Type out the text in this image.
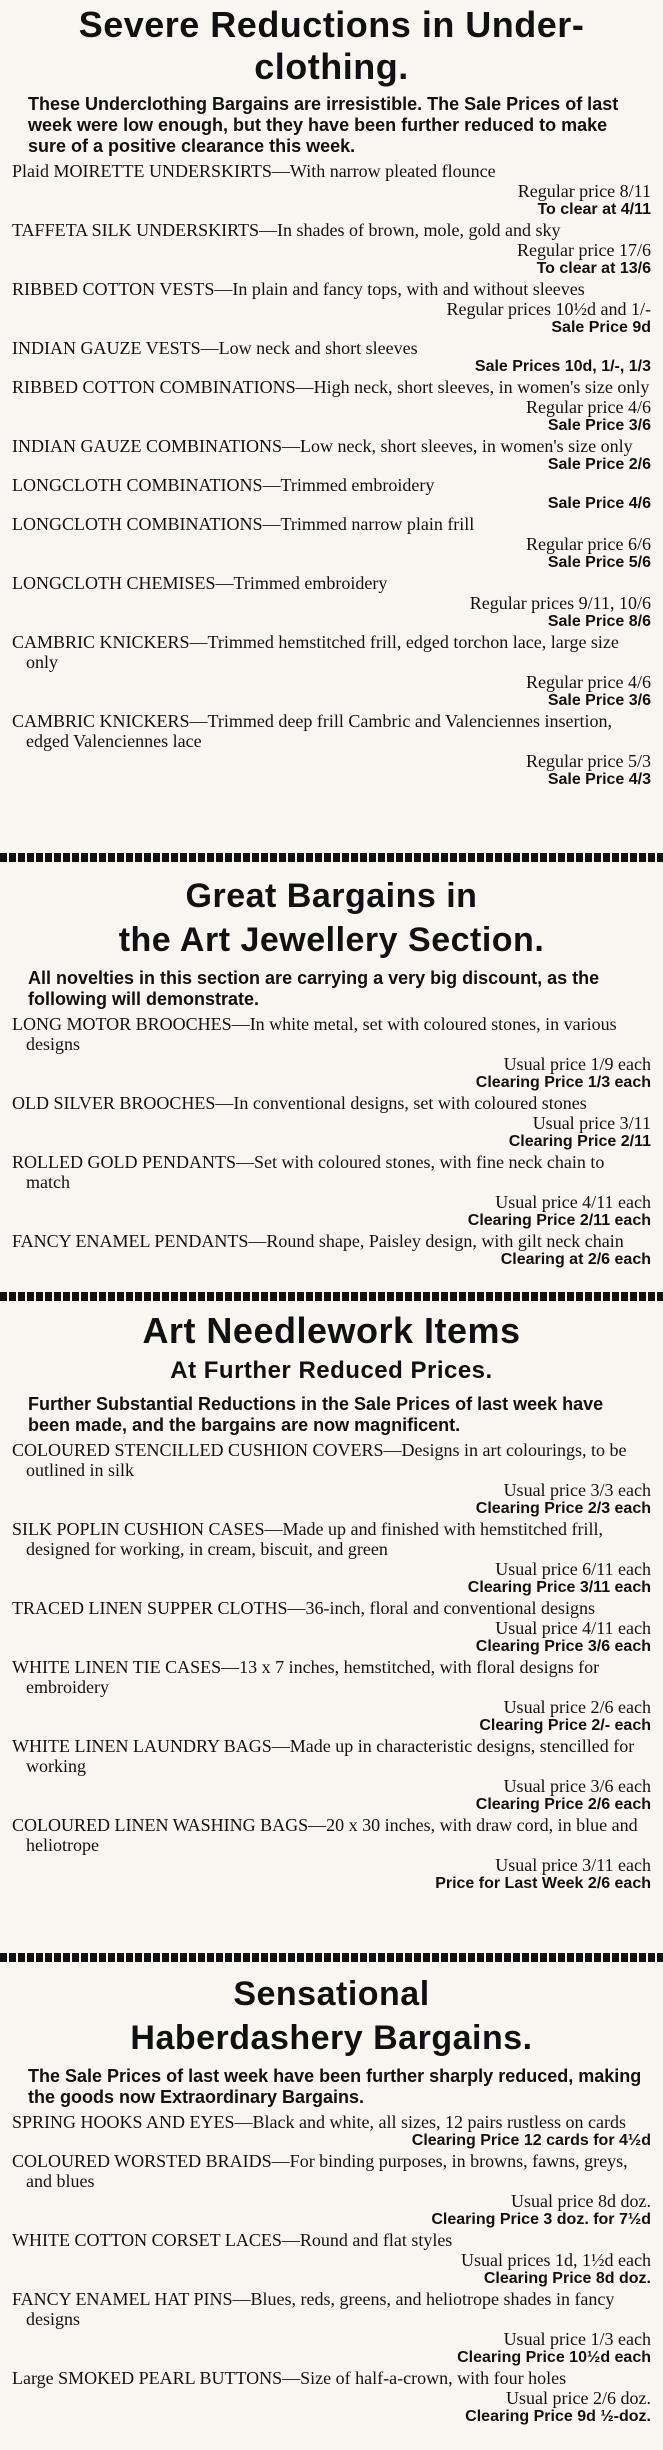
Severe Reductions in Under-
clothing.

These Underclothing Bargains are irresistible. The Sale Prices of last week were low enough, but they have been further reduced to make sure of a positive clearance this week.

Plaid MOIRETTE UNDERSKIRTS—With narrow pleated flounce
Regular price 8/11
To clear at 4/11
TAFFETA SILK UNDERSKIRTS—In shades of brown, mole, gold and sky
Regular price 17/6
To clear at 13/6
RIBBED COTTON VESTS—In plain and fancy tops, with and without sleeves
Regular prices 10½d and 1/-
Sale Price 9d
INDIAN GAUZE VESTS—Low neck and short sleeves
Sale Prices 10d, 1/-, 1/3
RIBBED COTTON COMBINATIONS—High neck, short sleeves, in women's size only
Regular price 4/6
Sale Price 3/6
INDIAN GAUZE COMBINATIONS—Low neck, short sleeves, in women's size only
Sale Price 2/6
LONGCLOTH COMBINATIONS—Trimmed embroidery
Sale Price 4/6
LONGCLOTH COMBINATIONS—Trimmed narrow plain frill
Regular price 6/6
Sale Price 5/6
LONGCLOTH CHEMISES—Trimmed embroidery
Regular prices 9/11, 10/6
Sale Price 8/6
CAMBRIC KNICKERS—Trimmed hemstitched frill, edged torchon lace, large size only
Regular price 4/6
Sale Price 3/6
CAMBRIC KNICKERS—Trimmed deep frill Cambric and Valenciennes insertion, edged Valenciennes lace
Regular price 5/3
Sale Price 4/3
Great Bargains in
the Art Jewellery Section.

All novelties in this section are carrying a very big discount, as the following will demonstrate.

LONG MOTOR BROOCHES—In white metal, set with coloured stones, in various designs
Usual price 1/9 each
Clearing Price 1/3 each
OLD SILVER BROOCHES—In conventional designs, set with coloured stones
Usual price 3/11
Clearing Price 2/11
ROLLED GOLD PENDANTS—Set with coloured stones, with fine neck chain to match
Usual price 4/11 each
Clearing Price 2/11 each
FANCY ENAMEL PENDANTS—Round shape, Paisley design, with gilt neck chain
Clearing at 2/6 each
Art Needlework Items
At Further Reduced Prices.

Further Substantial Reductions in the Sale Prices of last week have been made, and the bargains are now magnificent.

COLOURED STENCILLED CUSHION COVERS—Designs in art colourings, to be outlined in silk
Usual price 3/3 each
Clearing Price 2/3 each
SILK POPLIN CUSHION CASES—Made up and finished with hemstitched frill, designed for working, in cream, biscuit, and green
Usual price 6/11 each
Clearing Price 3/11 each
TRACED LINEN SUPPER CLOTHS—36-inch, floral and conventional designs
Usual price 4/11 each
Clearing Price 3/6 each
WHITE LINEN TIE CASES—13 x 7 inches, hemstitched, with floral designs for embroidery
Usual price 2/6 each
Clearing Price 2/- each
WHITE LINEN LAUNDRY BAGS—Made up in characteristic designs, stencilled for working
Usual price 3/6 each
Clearing Price 2/6 each
COLOURED LINEN WASHING BAGS—20 x 30 inches, with draw cord, in blue and heliotrope
Usual price 3/11 each
Price for Last Week 2/6 each
Sensational
Haberdashery Bargains.

The Sale Prices of last week have been further sharply reduced, making the goods now Extraordinary Bargains.

SPRING HOOKS AND EYES—Black and white, all sizes, 12 pairs rustless on cards
Clearing Price 12 cards for 4½d
COLOURED WORSTED BRAIDS—For binding purposes, in browns, fawns, greys, and blues
Usual price 8d doz.
Clearing Price 3 doz. for 7½d
WHITE COTTON CORSET LACES—Round and flat styles
Usual prices 1d, 1½d each
Clearing Price 8d doz.
FANCY ENAMEL HAT PINS—Blues, reds, greens, and heliotrope shades in fancy designs
Usual price 1/3 each
Clearing Price 10½d each
Large SMOKED PEARL BUTTONS—Size of half-a-crown, with four holes
Usual price 2/6 doz.
Clearing Price 9d ½-doz.
